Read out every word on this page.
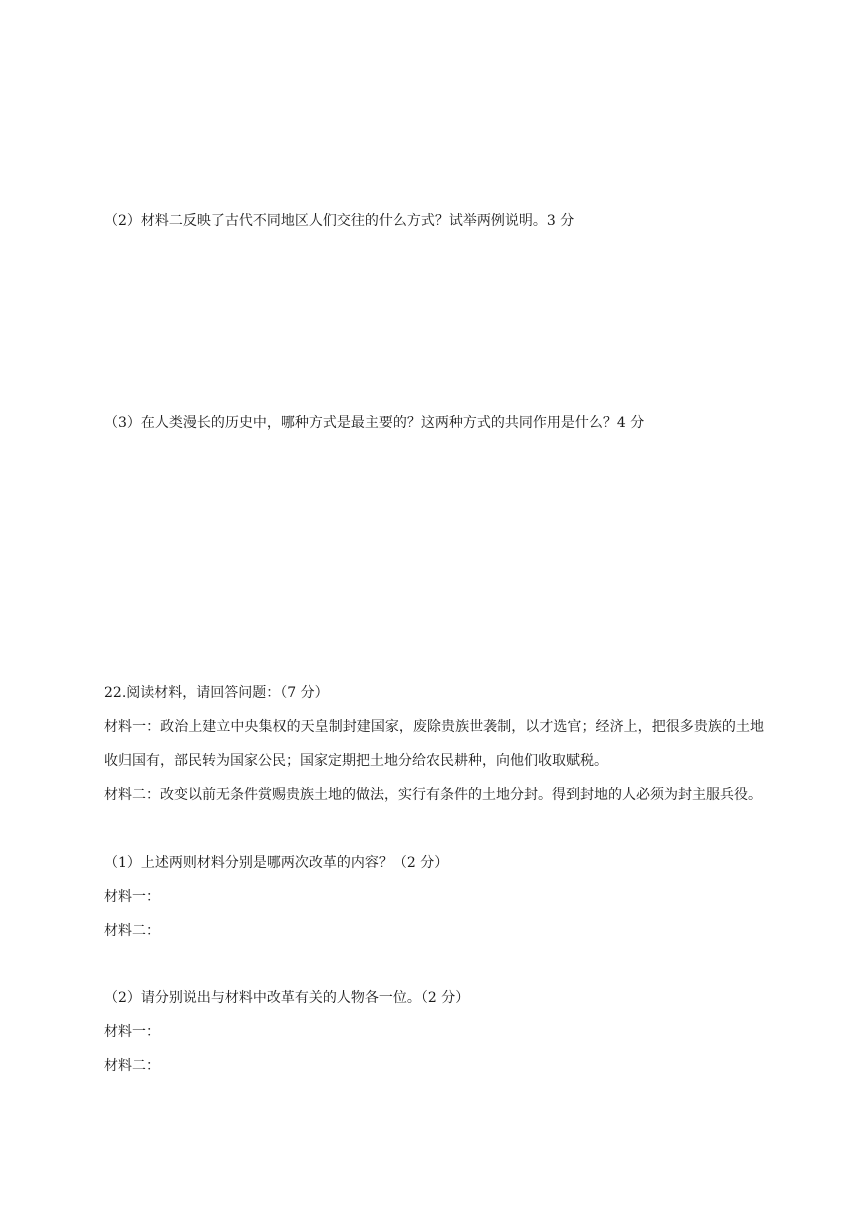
（2）材料二反映了古代不同地区人们交往的什么方式？试举两例说明。3 分
（3）在人类漫长的历史中，哪种方式是最主要的？这两种方式的共同作用是什么？4 分
22.阅读材料，请回答问题：（7 分）
材料一：政治上建立中央集权的天皇制封建国家，废除贵族世袭制，以才选官；经济上，把很多贵族的土地收归国有，部民转为国家公民；国家定期把土地分给农民耕种，向他们收取赋税。
材料二：改变以前无条件赏赐贵族土地的做法，实行有条件的土地分封。得到封地的人必须为封主服兵役。
（1）上述两则材料分别是哪两次改革的内容？（2 分）
材料一：
材料二：
（2）请分别说出与材料中改革有关的人物各一位。（2 分）
材料一：
材料二：
